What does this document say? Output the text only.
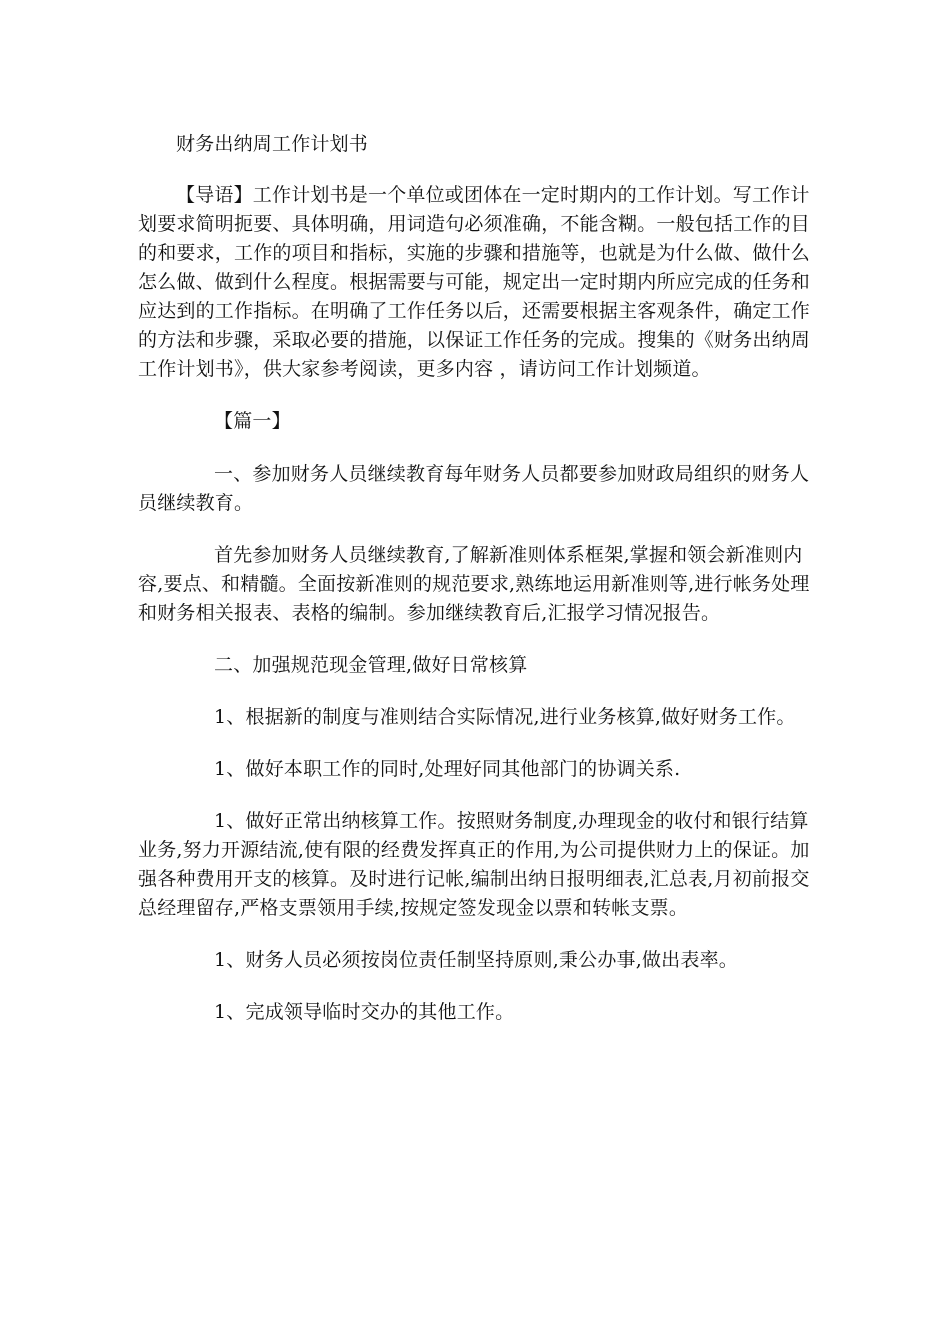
财务出纳周工作计划书

【导语】工作计划书是一个单位或团体在一定时期内的工作计划。写工作计划要求简明扼要、具体明确，用词造句必须准确，不能含糊。一般包括工作的目的和要求，工作的项目和指标，实施的步骤和措施等，也就是为什么做、做什么怎么做、做到什么程度。根据需要与可能，规定出一定时期内所应完成的任务和应达到的工作指标。在明确了工作任务以后，还需要根据主客观条件，确定工作的方法和步骤，采取必要的措施，以保证工作任务的完成。搜集的《财务出纳周工作计划书》，供大家参考阅读，更多内容 ，请访问工作计划频道。

【篇一】

一、参加财务人员继续教育每年财务人员都要参加财政局组织的财务人员继续教育。

首先参加财务人员继续教育,了解新准则体系框架,掌握和领会新准则内容,要点、和精髓。全面按新准则的规范要求,熟练地运用新准则等,进行帐务处理和财务相关报表、表格的编制。参加继续教育后,汇报学习情况报告。

二、加强规范现金管理,做好日常核算

1、根据新的制度与准则结合实际情况,进行业务核算,做好财务工作。

1、做好本职工作的同时,处理好同其他部门的协调关系.

1、做好正常出纳核算工作。按照财务制度,办理现金的收付和银行结算业务,努力开源结流,使有限的经费发挥真正的作用,为公司提供财力上的保证。加强各种费用开支的核算。及时进行记帐,编制出纳日报明细表,汇总表,月初前报交总经理留存,严格支票领用手续,按规定签发现金以票和转帐支票。

1、财务人员必须按岗位责任制坚持原则,秉公办事,做出表率。

1、完成领导临时交办的其他工作。
